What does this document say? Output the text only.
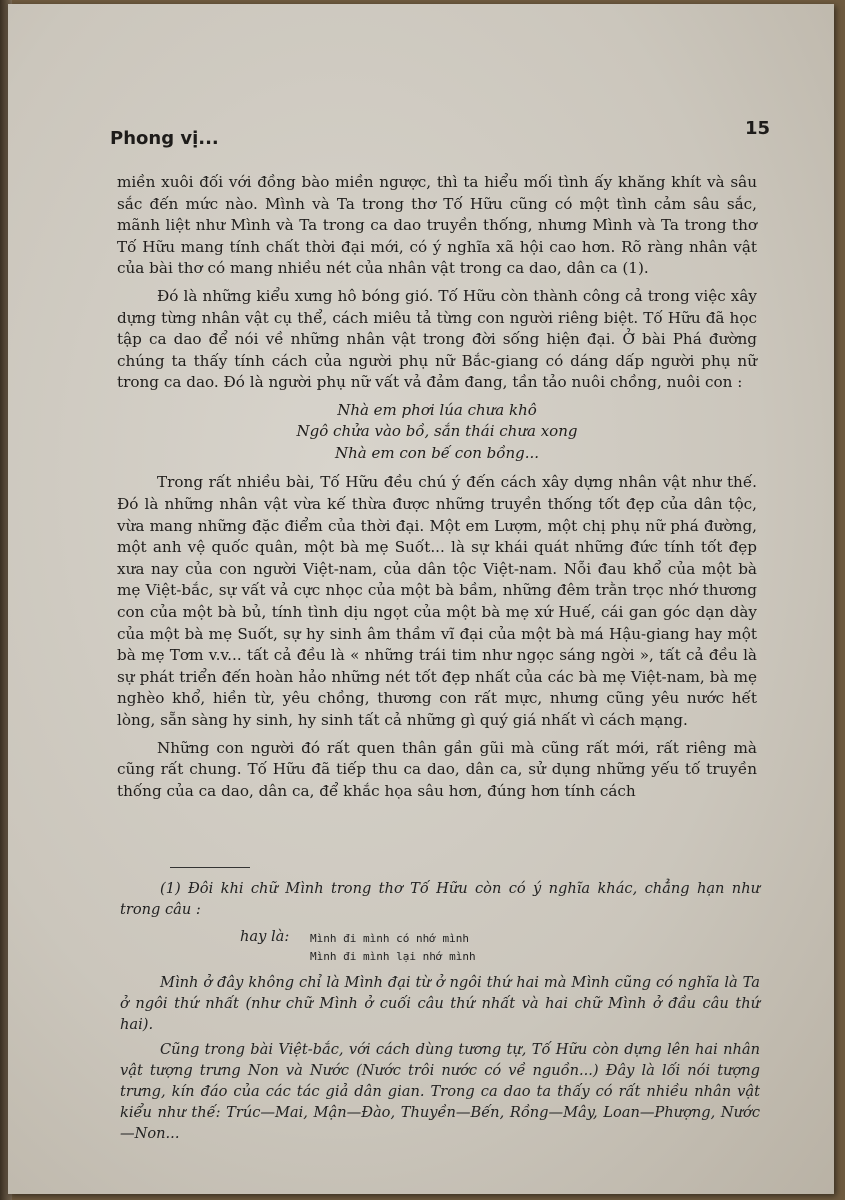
Phong vị...	15

miền xuôi đối với đồng bào miền ngược, thì ta hiểu mối tình ấy khăng khít và sâu sắc đến mức nào. Mình và Ta trong thơ Tố Hữu cũng có một tình cảm sâu sắc, mãnh liệt như Mình và Ta trong ca dao truyền thống, nhưng Mình và Ta trong thơ Tố Hữu mang tính chất thời đại mới, có ý nghĩa xã hội cao hơn. Rõ ràng nhân vật của bài thơ có mang nhiều nét của nhân vật trong ca dao, dân ca (1).

Đó là những kiểu xưng hô bóng gió. Tố Hữu còn thành công cả trong việc xây dựng từng nhân vật cụ thể, cách miêu tả từng con người riêng biệt. Tố Hữu đã học tập ca dao để nói về những nhân vật trong đời sống hiện đại. Ở bài Phá đường chúng ta thấy tính cách của người phụ nữ Bắc-giang có dáng dấp người phụ nữ trong ca dao. Đó là người phụ nữ vất vả đảm đang, tần tảo nuôi chồng, nuôi con :

Nhà em phơi lúa chưa khô
Ngô chửa vào bồ, sắn thái chưa xong
Nhà em con bế con bồng...

Trong rất nhiều bài, Tố Hữu đều chú ý đến cách xây dựng nhân vật như thế. Đó là những nhân vật vừa kế thừa được những truyền thống tốt đẹp của dân tộc, vừa mang những đặc điểm của thời đại. Một em Lượm, một chị phụ nữ phá đường, một anh vệ quốc quân, một bà mẹ Suốt... là sự khái quát những đức tính tốt đẹp xưa nay của con người Việt-nam, của dân tộc Việt-nam. Nỗi đau khổ của một bà mẹ Việt-bắc, sự vất vả cực nhọc của một bà bầm, những đêm trằn trọc nhớ thương con của một bà bủ, tính tình dịu ngọt của một bà mẹ xứ Huế, cái gan góc dạn dày của một bà mẹ Suốt, sự hy sinh âm thầm vĩ đại của một bà má Hậu-giang hay một bà mẹ Tơm v.v... tất cả đều là « những trái tim như ngọc sáng ngời », tất cả đều là sự phát triển đến hoàn hảo những nét tốt đẹp nhất của các bà mẹ Việt-nam, bà mẹ nghèo khổ, hiền từ, yêu chồng, thương con rất mực, nhưng cũng yêu nước hết lòng, sẵn sàng hy sinh, hy sinh tất cả những gì quý giá nhất vì cách mạng.

Những con người đó rất quen thân gần gũi mà cũng rất mới, rất riêng mà cũng rất chung. Tố Hữu đã tiếp thu ca dao, dân ca, sử dụng những yếu tố truyền thống của ca dao, dân ca, để khắc họa sâu hơn, đúng hơn tính cách

(1) Đôi khi chữ Mình trong thơ Tố Hữu còn có ý nghĩa khác, chẳng hạn như trong câu :

hay là: Mình đi mình có nhớ mình
Mình đi mình lại nhớ mình

Mình ở đây không chỉ là Mình đại từ ở ngôi thứ hai mà Mình cũng có nghĩa là Ta ở ngôi thứ nhất (như chữ Mình ở cuối câu thứ nhất và hai chữ Mình ở đầu câu thứ hai).

Cũng trong bài Việt-bắc, với cách dùng tương tự, Tố Hữu còn dựng lên hai nhân vật tượng trưng Non và Nước (Nước trôi nước có về nguồn...) Đây là lối nói tượng trưng, kín đáo của các tác giả dân gian. Trong ca dao ta thấy có rất nhiều nhân vật kiểu như thế: Trúc—Mai, Mận—Đào, Thuyền—Bến, Rồng—Mây, Loan—Phượng, Nước—Non...
